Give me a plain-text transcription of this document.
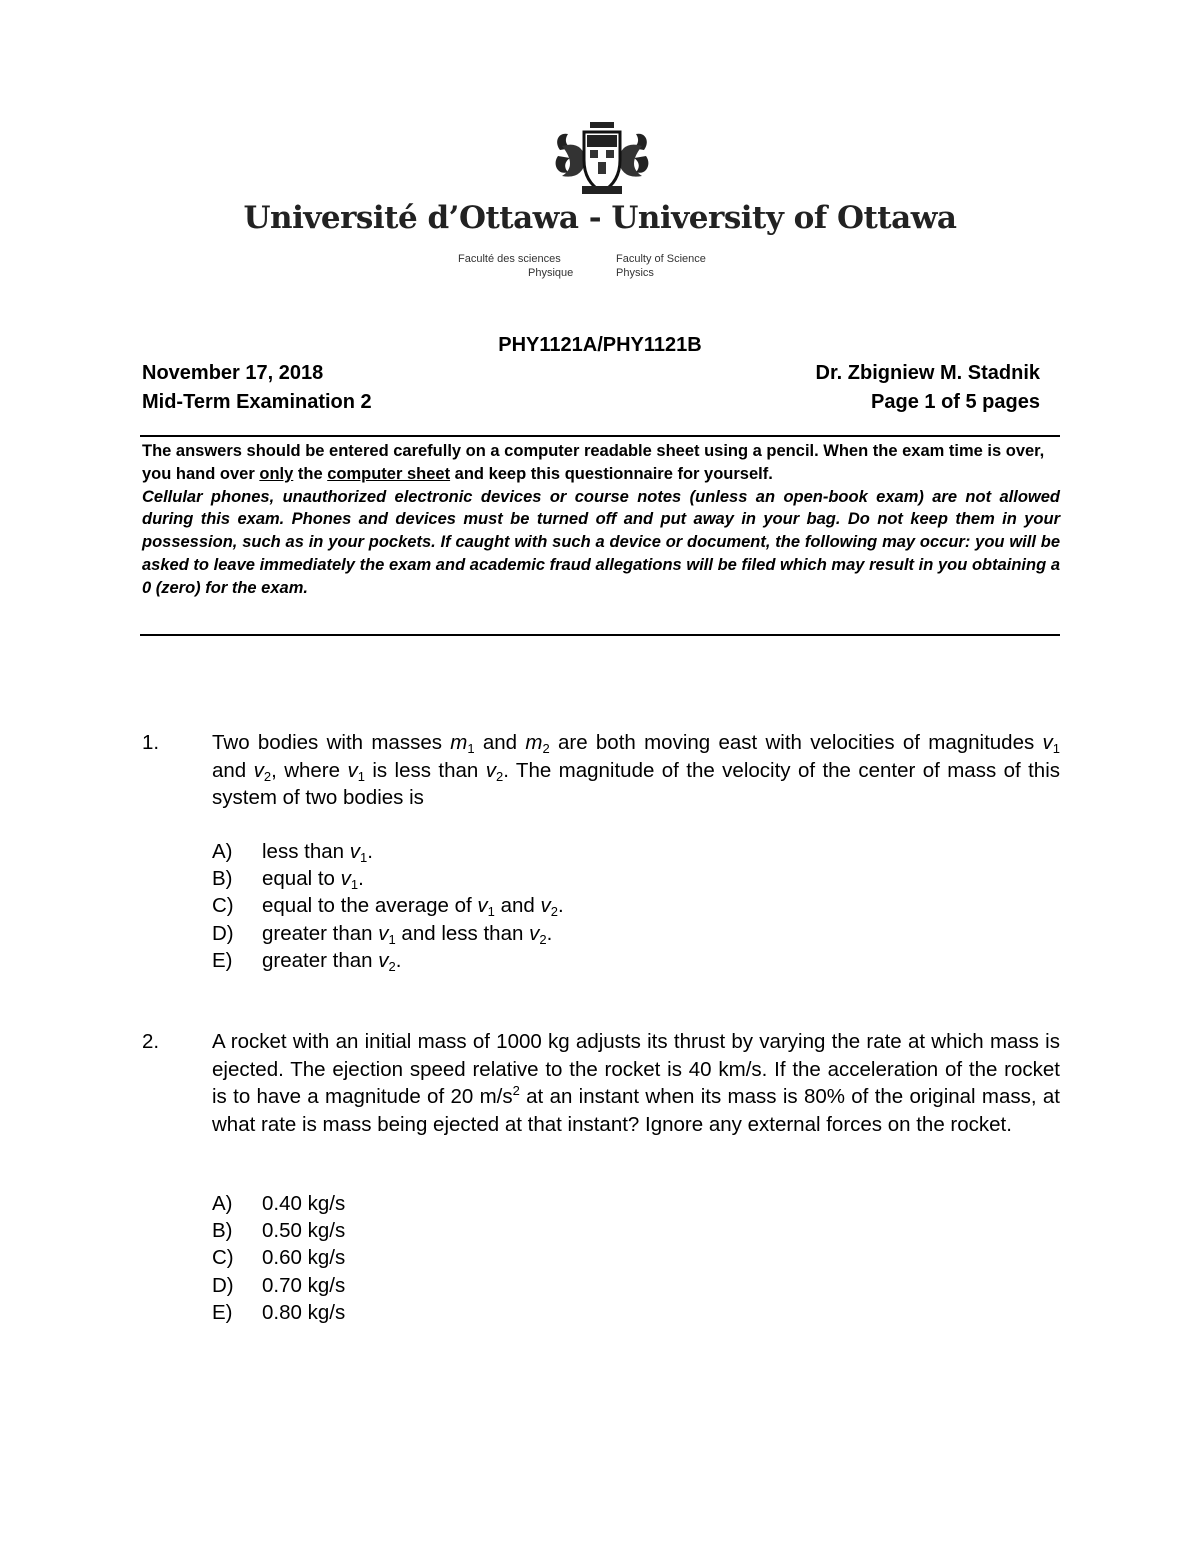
Université d’Ottawa - University of Ottawa
Faculté des sciences
Physique
Faculty of Science
Physics
PHY1121A/PHY1121B
November 17, 2018
Mid-Term Examination 2
Dr. Zbigniew M. Stadnik
Page 1 of 5 pages

The answers should be entered carefully on a computer readable sheet using a pencil. When the exam time is over, you hand over only the computer sheet and keep this questionnaire for yourself.

Cellular phones, unauthorized electronic devices or course notes (unless an open-book exam) are not allowed during this exam. Phones and devices must be turned off and put away in your bag. Do not keep them in your possession, such as in your pockets. If caught with such a device or document, the following may occur: you will be asked to leave immediately the exam and academic fraud allegations will be filed which may result in you obtaining a 0 (zero) for the exam.

1.	Two bodies with masses $m_1$ and $m_2$ are both moving east with velocities of magnitudes $v_1$ and $v_2$, where $v_1$ is less than $v_2$. The magnitude of the velocity of the center of mass of this system of two bodies is
A) less than $v_1$.
B) equal to $v_1$.
C) equal to the average of $v_1$ and $v_2$.
D) greater than $v_1$ and less than $v_2$.
E) greater than $v_2$.
2.	A rocket with an initial mass of 1000 kg adjusts its thrust by varying the rate at which mass is ejected. The ejection speed relative to the rocket is 40 km/s. If the acceleration of the rocket is to have a magnitude of 20 $m/s^2$ at an instant when its mass is 80% of the original mass, at what rate is mass being ejected at that instant? Ignore any external forces on the rocket.
A) 0.40 kg/s
B) 0.50 kg/s
C) 0.60 kg/s
D) 0.70 kg/s
E) 0.80 kg/s
